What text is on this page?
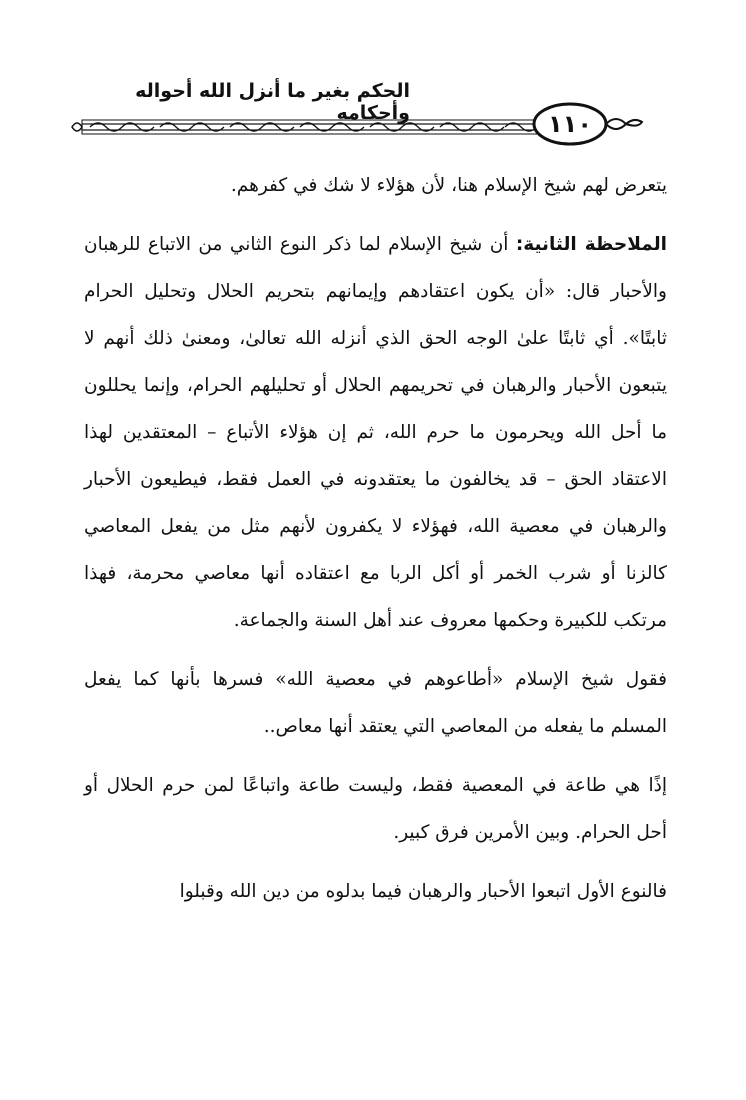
الحكم بغير ما أنزل الله أحواله وأحكامه	١١٠

يتعرض لهم شيخ الإسلام هنا، لأن هؤلاء لا شك في كفرهم.

الملاحظة الثانية: أن شيخ الإسلام لما ذكر النوع الثاني من الاتباع للرهبان والأحبار قال: «أن يكون اعتقادهم وإيمانهم بتحريم الحلال وتحليل الحرام ثابتًا». أي ثابتًا علىٰ الوجه الحق الذي أنزله الله تعالىٰ، ومعنىٰ ذلك أنهم لا يتبعون الأحبار والرهبان في تحريمهم الحلال أو تحليلهم الحرام، وإنما يحللون ما أحل الله ويحرمون ما حرم الله، ثم إن هؤلاء الأتباع – المعتقدين لهذا الاعتقاد الحق – قد يخالفون ما يعتقدونه في العمل فقط، فيطيعون الأحبار والرهبان في معصية الله، فهؤلاء لا يكفرون لأنهم مثل من يفعل المعاصي كالزنا أو شرب الخمر أو أكل الربا مع اعتقاده أنها معاصي محرمة، فهذا مرتكب للكبيرة وحكمها معروف عند أهل السنة والجماعة.

فقول شيخ الإسلام «أطاعوهم في معصية الله» فسرها بأنها كما يفعل المسلم ما يفعله من المعاصي التي يعتقد أنها معاص..

إذًا هي طاعة في المعصية فقط، وليست طاعة واتباعًا لمن حرم الحلال أو أحل الحرام. وبين الأمرين فرق كبير.

فالنوع الأول اتبعوا الأحبار والرهبان فيما بدلوه من دين الله وقبلوا
